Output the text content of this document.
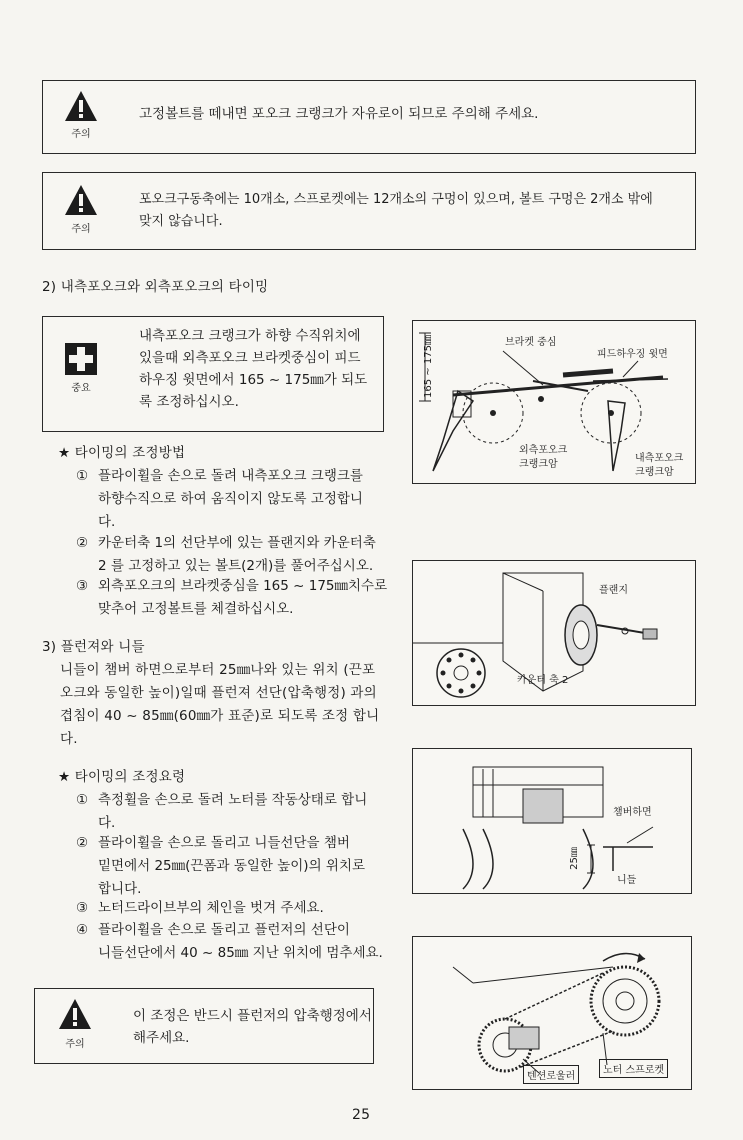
주의
고정볼트를 떼내면 포오크 크랭크가 자유로이 되므로 주의해 주세요.
주의
포오크구동축에는 10개소, 스프로켓에는 12개소의 구멍이 있으며, 볼트 구멍은 2개소 밖에
맞지 않습니다.
2) 내측포오크와 외측포오크의 타이밍
중요
내측포오크 크랭크가 하향 수직위치에
있을때 외측포오크 브라켓중심이 피드
하우징 윗면에서 165 ~ 175㎜가 되도
록 조정하십시오.
★ 타이밍의 조정방법
① 플라이휠을 손으로 돌려 내측포오크 크랭크를
하향수직으로 하여 움직이지 않도록 고정합니
다.
② 카운터축 1의 선단부에 있는 플랜지와 카운터축
2 를 고정하고 있는 볼트(2개)를 풀어주십시오.
③ 외측포오크의 브라켓중심을 165 ~ 175㎜치수로
맞추어 고정볼트를 체결하십시오.
3) 플런져와 니들
니들이 챔버 하면으로부터 25㎜나와 있는 위치 (끈포
오크와 동일한 높이)일때 플런져 선단(압축행정) 과의
겹침이 40 ~ 85㎜(60㎜가 표준)로 되도록 조정 합니
다.
★ 타이밍의 조정요령
① 측정휠을 손으로 돌려 노터를 작동상태로 합니
다.
② 플라이휠을 손으로 돌리고 니들선단을 챔버
밑면에서 25㎜(끈폼과 동일한 높이)의 위치로
합니다.
③ 노터드라이브부의 체인을 벗겨 주세요.
④ 플라이휠을 손으로 돌리고 플런저의 선단이
니들선단에서 40 ~ 85㎜ 지난 위치에 멈추세요.
주의
이 조정은 반드시 플런저의 압축행정에서
해주세요.
165 ~ 175㎜	브라켓 중심
피드하우징 윗면
외측포오크
크랭크암
내측포오크
크랭크암
플랜지
카운터 축 2
챔버하면
25㎜
니들
텐션로울러
노터 스프로켓
25
